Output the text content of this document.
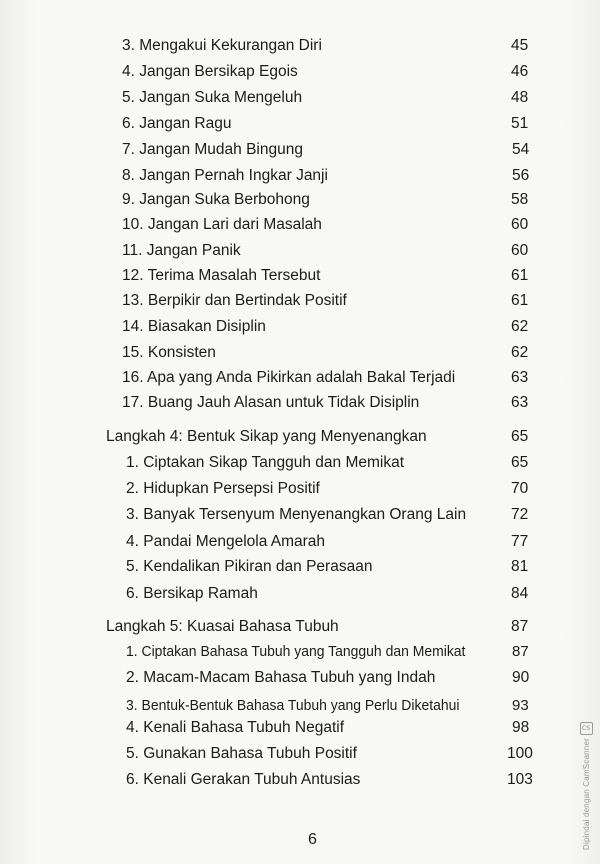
3. Mengakui Kekurangan Diri	45
4. Jangan Bersikap Egois	46
5. Jangan Suka Mengeluh	48
6. Jangan Ragu	51
7. Jangan Mudah Bingung	54
8. Jangan Pernah Ingkar Janji	56
9. Jangan Suka Berbohong	58
10. Jangan Lari dari Masalah	60
11. Jangan Panik	60
12. Terima Masalah Tersebut	61
13. Berpikir dan Bertindak Positif	61
14. Biasakan Disiplin	62
15. Konsisten	62
16. Apa yang Anda Pikirkan adalah Bakal Terjadi	63
17. Buang Jauh Alasan untuk Tidak Disiplin	63
Langkah 4: Bentuk Sikap yang Menyenangkan	65
1. Ciptakan Sikap Tangguh dan Memikat	65
2. Hidupkan Persepsi Positif	70
3. Banyak Tersenyum Menyenangkan Orang Lain	72
4. Pandai Mengelola Amarah	77
5. Kendalikan Pikiran dan Perasaan	81
6. Bersikap Ramah	84
Langkah 5: Kuasai Bahasa Tubuh	87
1. Ciptakan Bahasa Tubuh yang Tangguh dan Memikat	87
2. Macam-Macam Bahasa Tubuh yang Indah	90
3. Bentuk-Bentuk Bahasa Tubuh yang Perlu Diketahui	93
4. Kenali Bahasa Tubuh Negatif	98
5. Gunakan Bahasa Tubuh Positif	100
6. Kenali Gerakan Tubuh Antusias	103
6
CS
Dipindai dengan CamScanner
